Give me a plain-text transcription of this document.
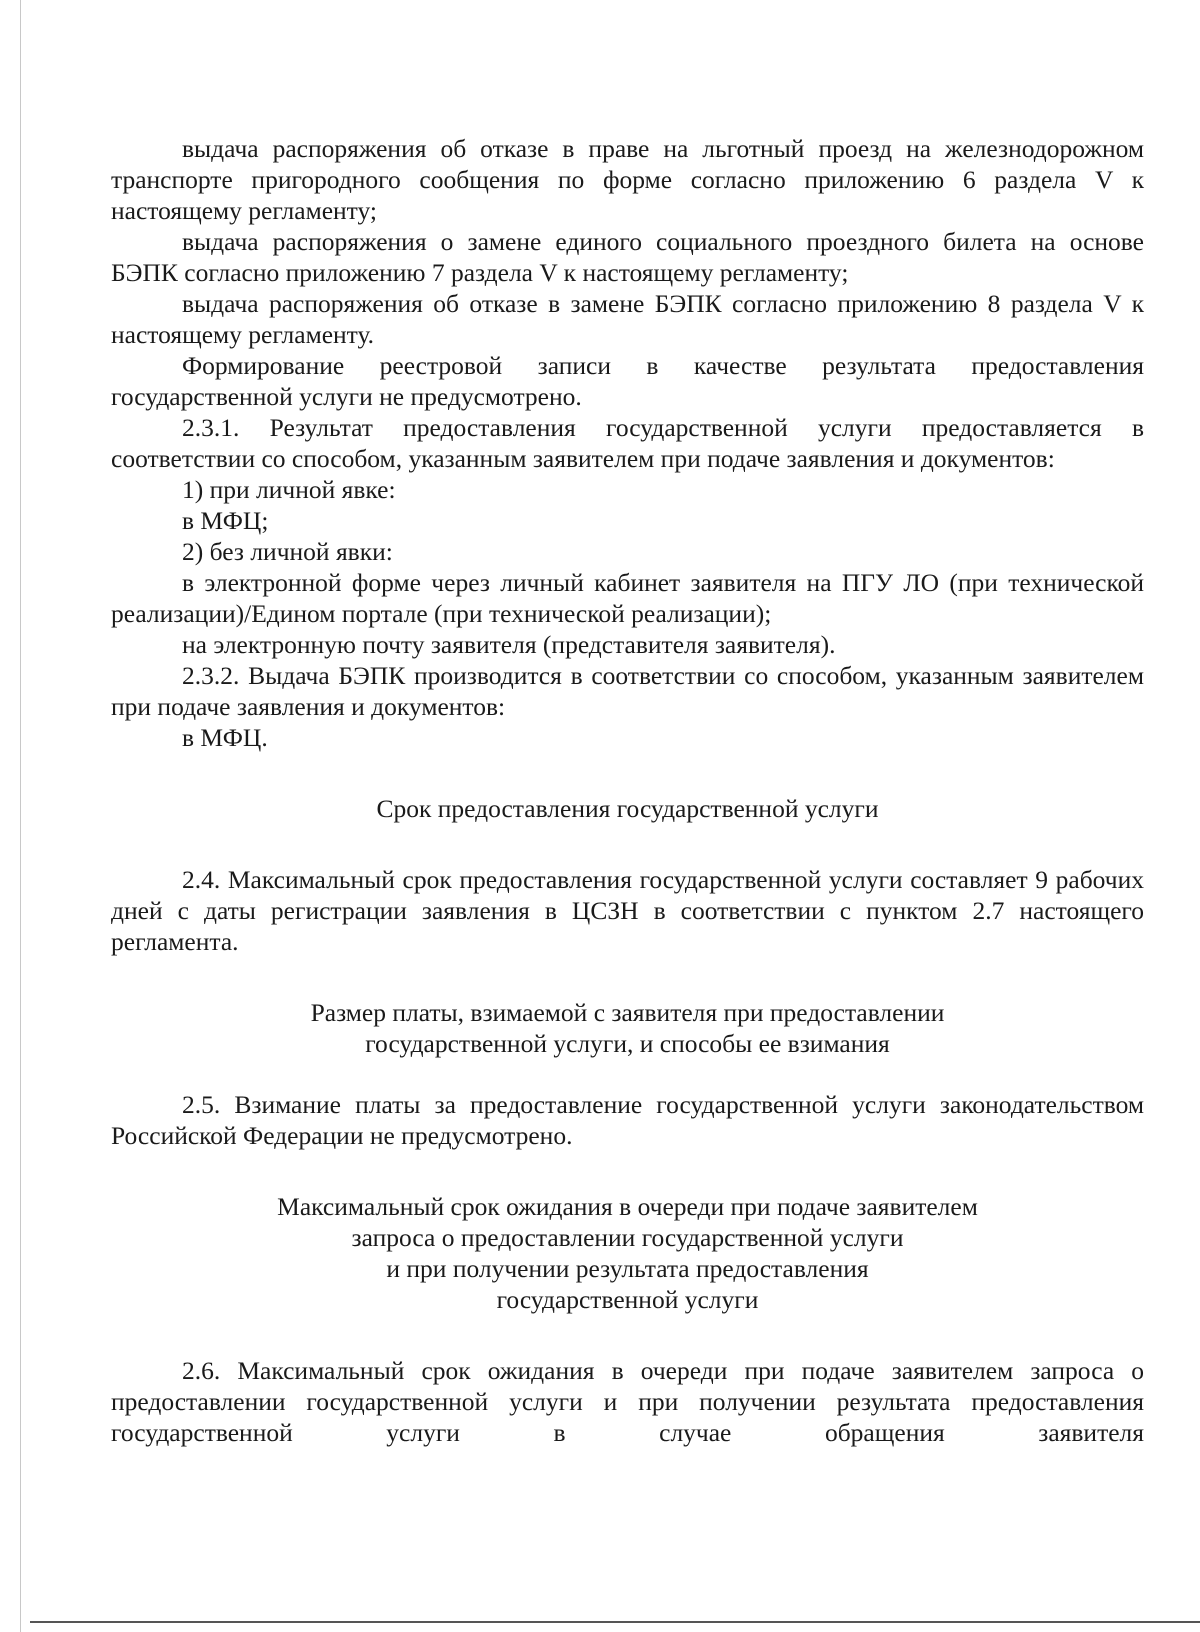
выдача распоряжения об отказе в праве на льготный проезд на железнодорожном транспорте пригородного сообщения по форме согласно приложению 6 раздела V к настоящему регламенту;

выдача распоряжения о замене единого социального проездного билета на основе БЭПК согласно приложению 7 раздела V к настоящему регламенту;

выдача распоряжения об отказе в замене БЭПК согласно приложению 8 раздела V к настоящему регламенту.

Формирование реестровой записи в качестве результата предоставления государственной услуги не предусмотрено.

2.3.1. Результат предоставления государственной услуги предоставляется в соответствии со способом, указанным заявителем при подаче заявления и документов:

1) при личной явке:

в МФЦ;

2) без личной явки:

в электронной форме через личный кабинет заявителя на ПГУ ЛО (при технической реализации)/Едином портале (при технической реализации);

на электронную почту заявителя (представителя заявителя).

2.3.2. Выдача БЭПК производится в соответствии со способом, указанным заявителем при подаче заявления и документов:

в МФЦ.

Срок предоставления государственной услуги

2.4. Максимальный срок предоставления государственной услуги составляет 9 рабочих дней с даты регистрации заявления в ЦСЗН в соответствии с пунктом 2.7 настоящего регламента.

Размер платы, взимаемой с заявителя при предоставлении

государственной услуги, и способы ее взимания

2.5. Взимание платы за предоставление государственной услуги законодательством Российской Федерации не предусмотрено.

Максимальный срок ожидания в очереди при подаче заявителем

запроса о предоставлении государственной услуги

и при получении результата предоставления

государственной услуги

2.6. Максимальный срок ожидания в очереди при подаче заявителем запроса о предоставлении государственной услуги и при получении результата предоставления государственной услуги в случае обращения заявителя
